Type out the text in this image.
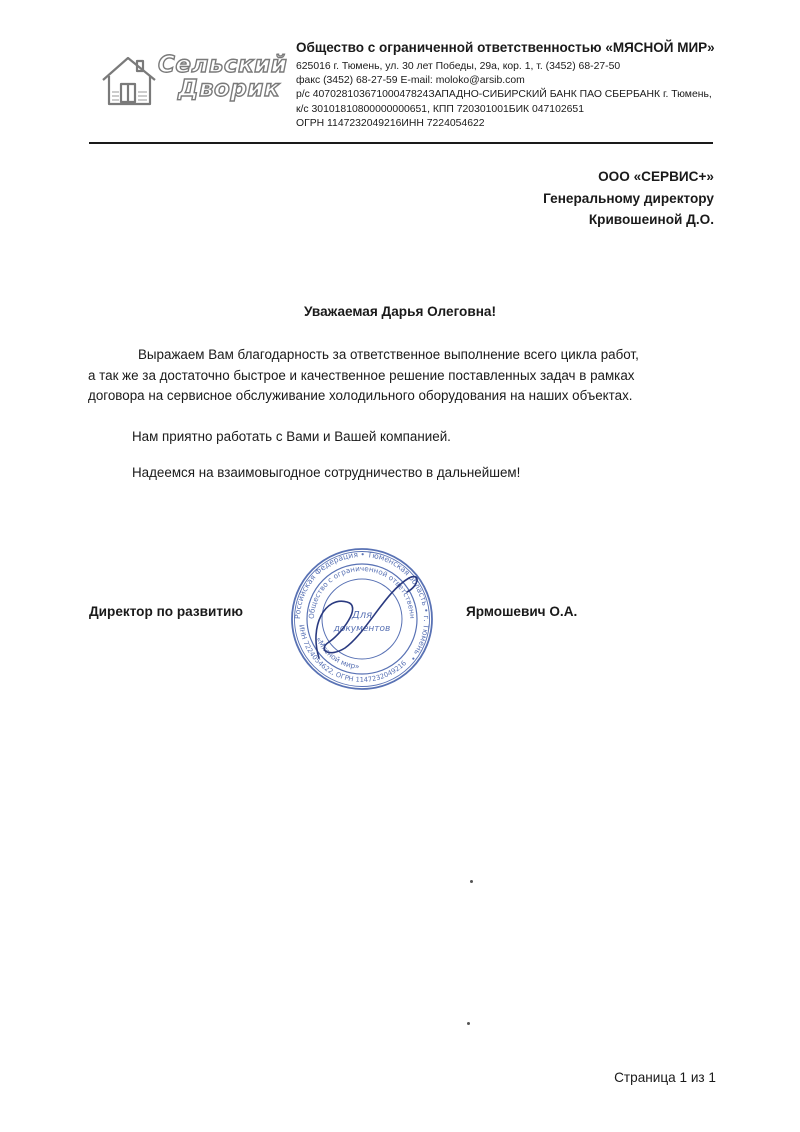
Сельский
Дворик
Общество с ограниченной ответственностью «МЯСНОЙ МИР»
625016 г. Тюмень, ул. 30 лет Победы, 29а, кор. 1, т. (3452) 68-27-50
факс (3452) 68-27-59 E-mail: moloko@arsib.com
р/с 40702810367100047824ЗАПАДНО-СИБИРСКИЙ БАНК ПАО СБЕРБАНК г. Тюмень,
к/с 30101810800000000651, КПП 720301001БИК 047102651
ОГРН 1147232049216ИНН 7224054622
ООО «СЕРВИС+»
Генеральному директору
Кривошеиной Д.О.
Уважаемая Дарья Олеговна!

Выражаем Вам благодарность за ответственное выполнение всего цикла работ,
а так же за достаточно быстрое и качественное решение поставленных задач в рамках
договора на сервисное обслуживание холодильного оборудования на наших объектах.

Нам приятно работать с Вами и Вашей компанией.

Надеемся на взаимовыгодное сотрудничество в дальнейшем!

Директор по развитию	Ярмошевич О.А.
Российская Федерация • Тюменская область • г. Тюмень •
Общество с ограниченной ответственн
«Мясной мир»
ИНН 7224054622, ОГРН 1147232049216
Для
документов
Страница 1 из 1
